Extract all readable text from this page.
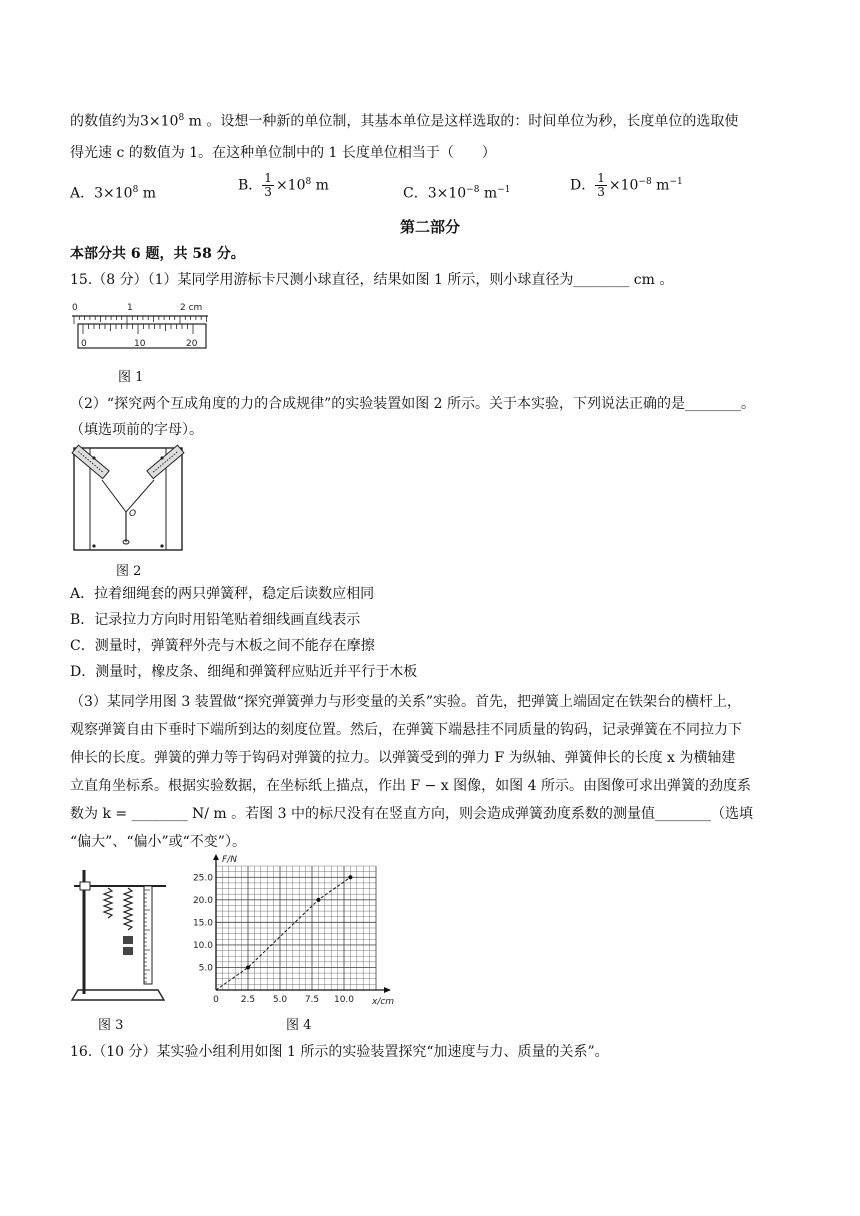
的数值约为$3\times 10^8$ m 。设想一种新的单位制，其基本单位是这样选取的：时间单位为秒，长度单位的选取使
得光速 c 的数值为 1。在这种单位制中的 1 长度单位相当于（　　）
A．$3\times 10^8$ m	B． $\frac{1}{3} \times 10^8$ m	C．$3\times 10^{-8}$ $m^{-1}$	D． $\frac{1}{3} \times 10^{-8}$ $m^{-1}$
第二部分
本部分共 6 题，共 58 分。
15.（8 分）（1）某同学用游标卡尺测小球直径，结果如图 1 所示，则小球直径为________ cm 。
0	1	2 cm
0	10	20
图 1
（2）“探究两个互成角度的力的合成规律”的实验装置如图 2 所示。关于本实验，下列说法正确的是________。
（填选项前的字母）。
O
图 2
A．拉着细绳套的两只弹簧秤，稳定后读数应相同
B．记录拉力方向时用铅笔贴着细线画直线表示
C．测量时，弹簧秤外壳与木板之间不能存在摩擦
D．测量时，橡皮条、细绳和弹簧秤应贴近并平行于木板
（3）某同学用图 3 装置做“探究弹簧弹力与形变量的关系”实验。首先，把弹簧上端固定在铁架台的横杆上，
观察弹簧自由下垂时下端所到达的刻度位置。然后，在弹簧下端悬挂不同质量的钩码，记录弹簧在不同拉力下
伸长的长度。弹簧的弹力等于钩码对弹簧的拉力。以弹簧受到的弹力 F 为纵轴、弹簧伸长的长度 x 为横轴建
立直角坐标系。根据实验数据，在坐标纸上描点，作出 F − x 图像，如图 4 所示。由图像可求出弹簧的劲度系
数为 k = ________ N/ m 。若图 3 中的标尺没有在竖直方向，则会造成弹簧劲度系数的测量值________（选填
“偏大”、“偏小”或“不变”）。
图 3
0 2.5 5.0 7.5 10.0
5.0
10.0
15.0
20.0
25.0
F/N
x/cm
图 4
16.（10 分）某实验小组利用如图 1 所示的实验装置探究“加速度与力、质量的关系”。
